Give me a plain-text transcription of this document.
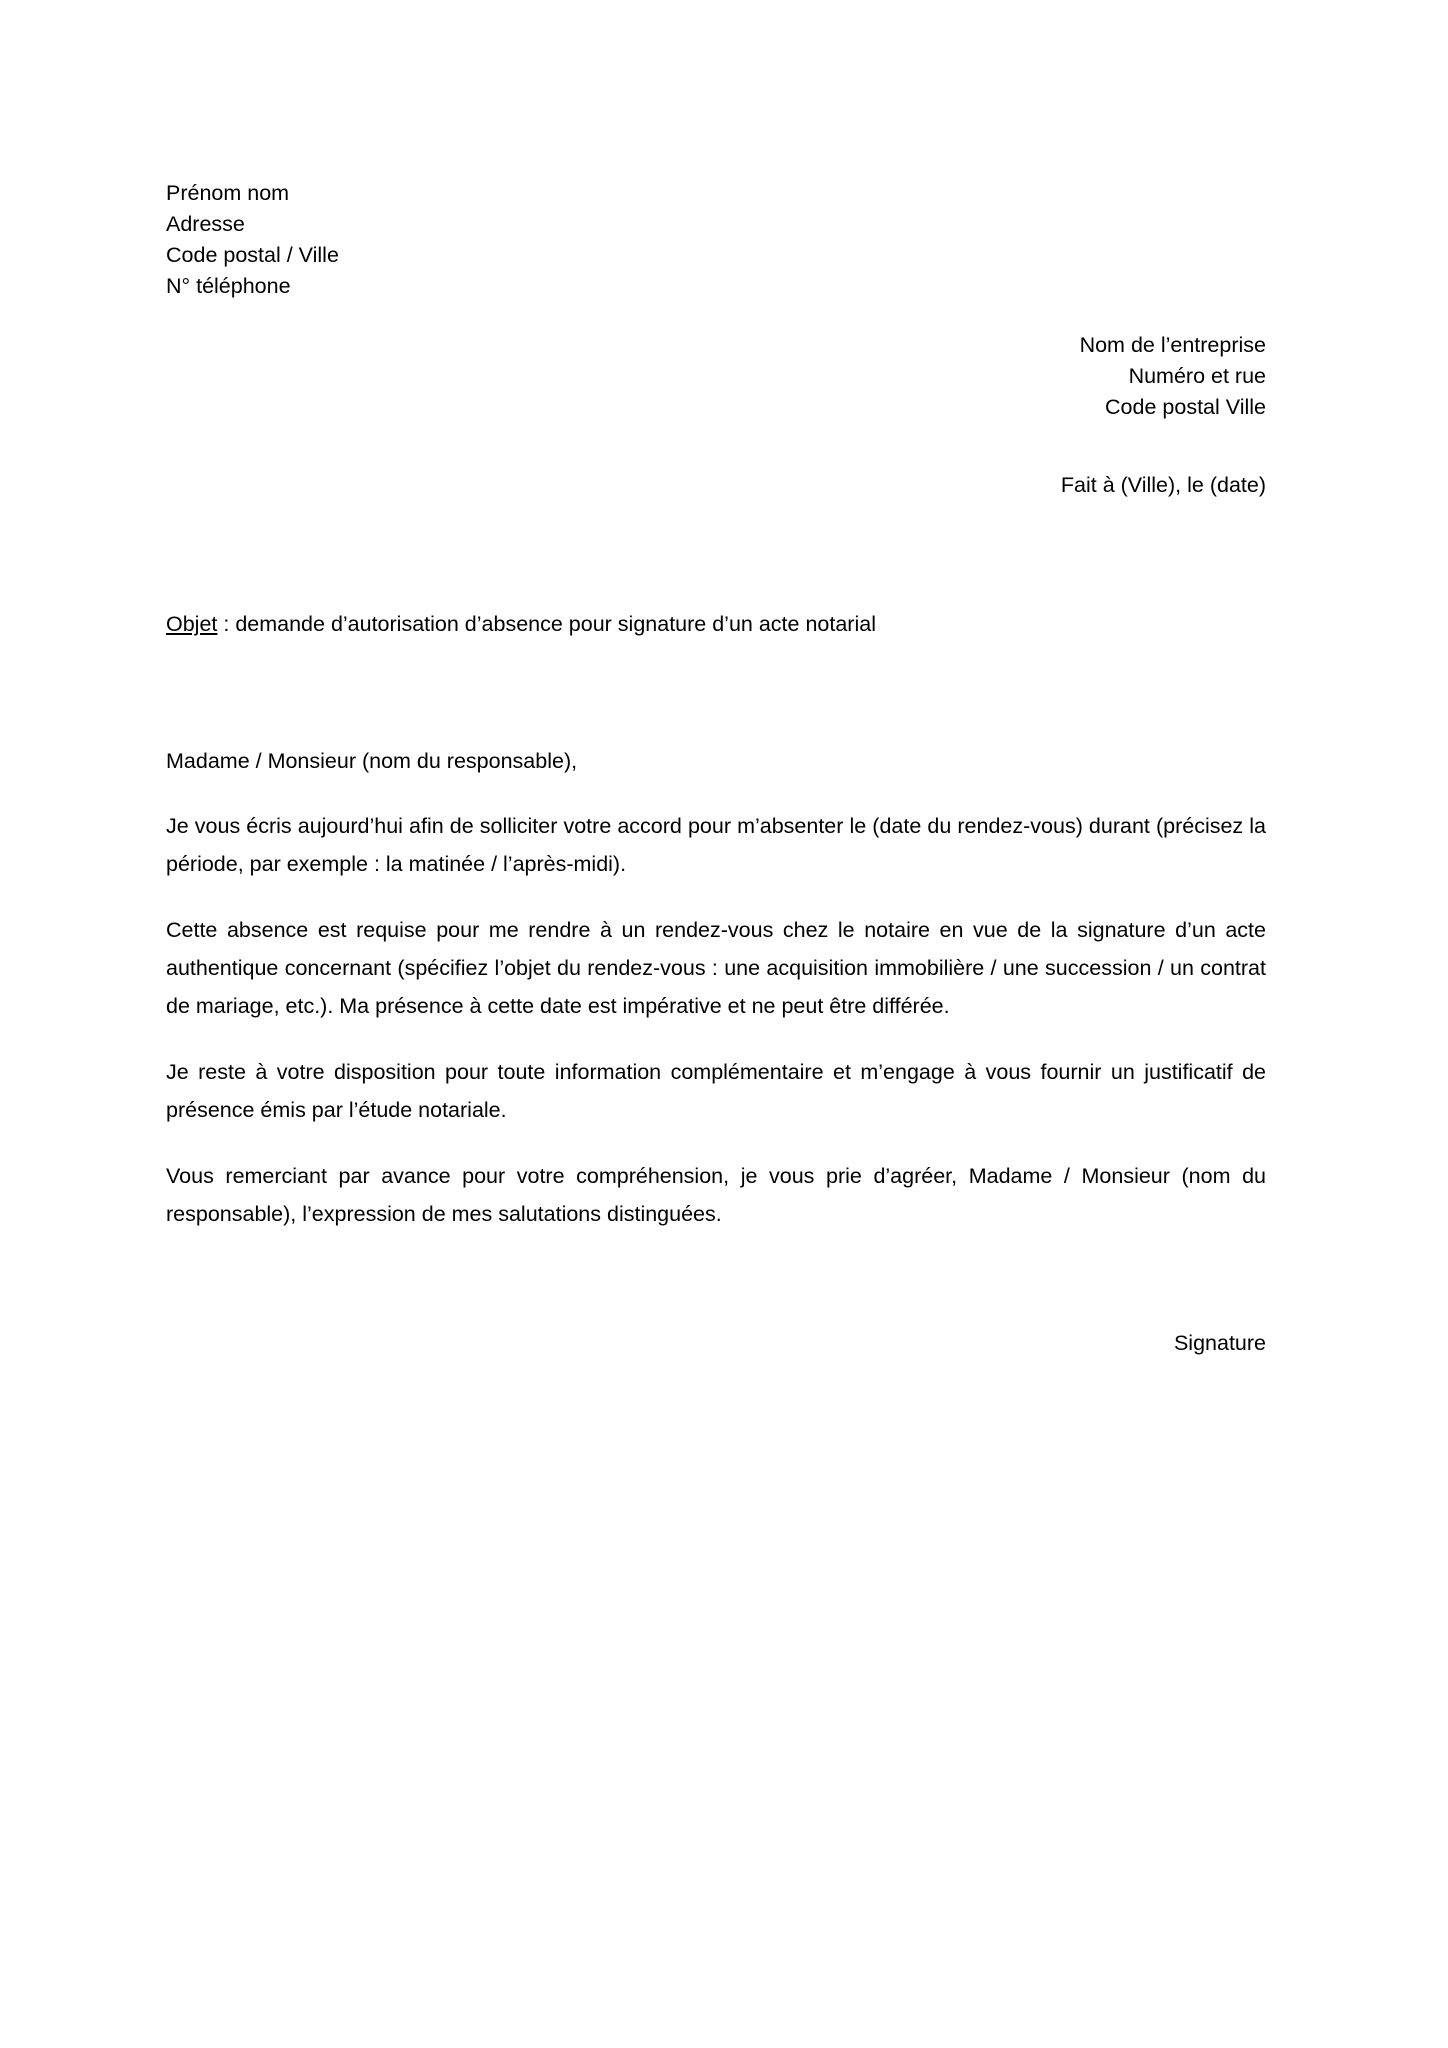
Prénom nom
Adresse
Code postal / Ville
N° téléphone
Nom de l’entreprise
Numéro et rue
Code postal Ville
Fait à (Ville), le (date)
Objet : demande d’autorisation d’absence pour signature d’un acte notarial
Madame / Monsieur (nom du responsable),

Je vous écris aujourd’hui afin de solliciter votre accord pour m’absenter le (date du rendez-vous) durant (précisez la période, par exemple : la matinée / l’après-midi).

Cette absence est requise pour me rendre à un rendez-vous chez le notaire en vue de la signature d’un acte authentique concernant (spécifiez l’objet du rendez-vous : une acquisition immobilière / une succession / un contrat de mariage, etc.). Ma présence à cette date est impérative et ne peut être différée.

Je reste à votre disposition pour toute information complémentaire et m’engage à vous fournir un justificatif de présence émis par l’étude notariale.

Vous remerciant par avance pour votre compréhension, je vous prie d’agréer, Madame / Monsieur (nom du responsable), l’expression de mes salutations distinguées.

Signature
